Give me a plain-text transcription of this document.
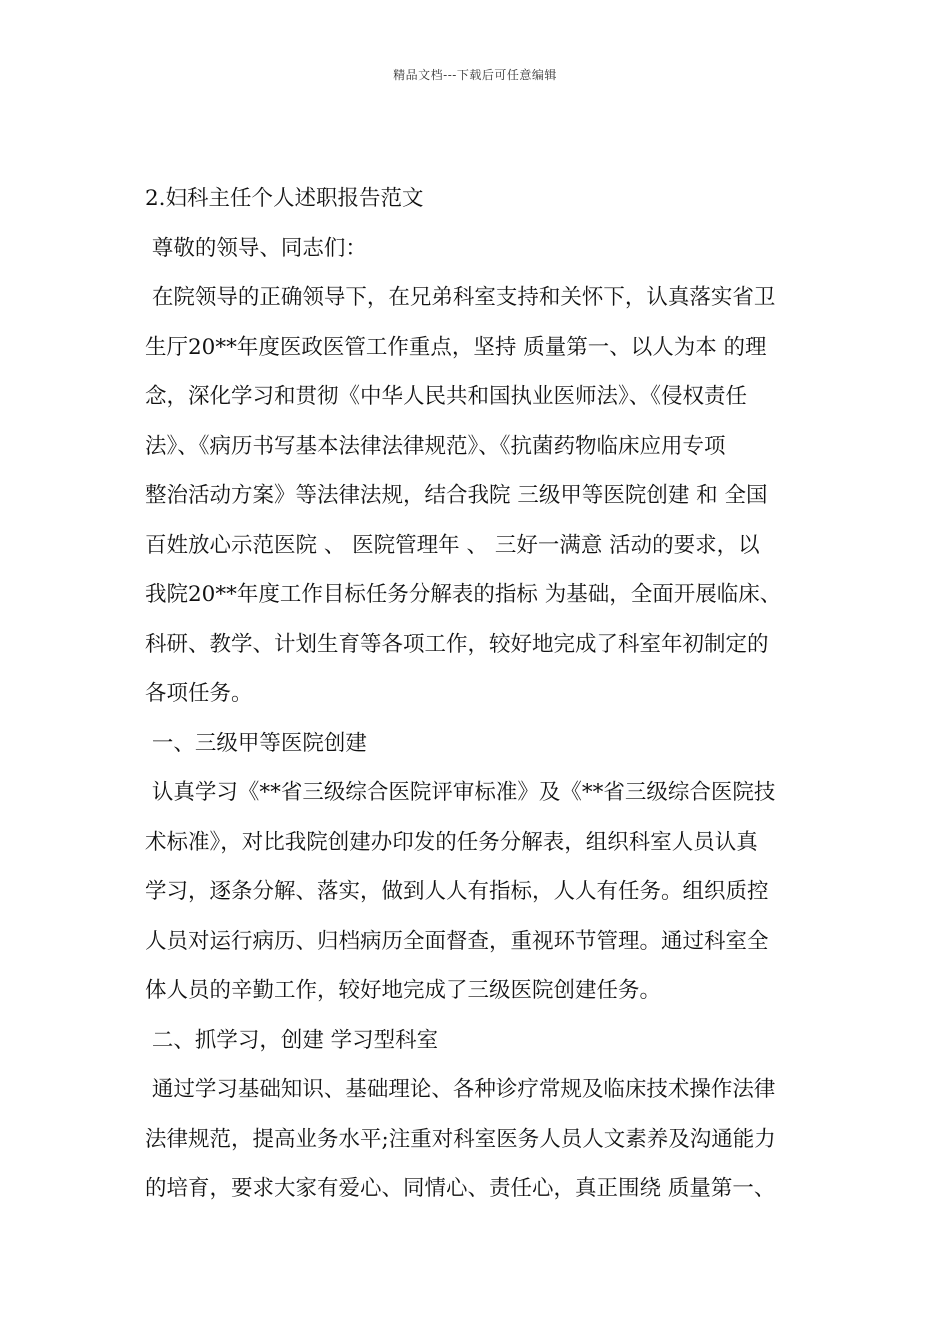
精品文档---下载后可任意编辑
2.妇科主任个人述职报告范文
尊敬的领导、同志们：
在院领导的正确领导下，在兄弟科室支持和关怀下，认真落实省卫
生厅20**年度医政医管工作重点，坚持 质量第一、以人为本 的理
念，深化学习和贯彻《中华人民共和国执业医师法》、《侵权责任
法》、《病历书写基本法律法律规范》、《抗菌药物临床应用专项
整治活动方案》等法律法规，结合我院 三级甲等医院创建 和 全国
百姓放心示范医院 、 医院管理年 、 三好一满意 活动的要求，以
我院20**年度工作目标任务分解表的指标 为基础，全面开展临床、
科研、教学、计划生育等各项工作，较好地完成了科室年初制定的
各项任务。
一、三级甲等医院创建
认真学习《**省三级综合医院评审标准》及《**省三级综合医院技
术标准》，对比我院创建办印发的任务分解表，组织科室人员认真
学习，逐条分解、落实，做到人人有指标，人人有任务。组织质控
人员对运行病历、归档病历全面督查，重视环节管理。通过科室全
体人员的辛勤工作，较好地完成了三级医院创建任务。
二、抓学习，创建 学习型科室
通过学习基础知识、基础理论、各种诊疗常规及临床技术操作法律
法律规范，提高业务水平;注重对科室医务人员人文素养及沟通能力
的培育，要求大家有爱心、同情心、责任心，真正围绕 质量第一、
